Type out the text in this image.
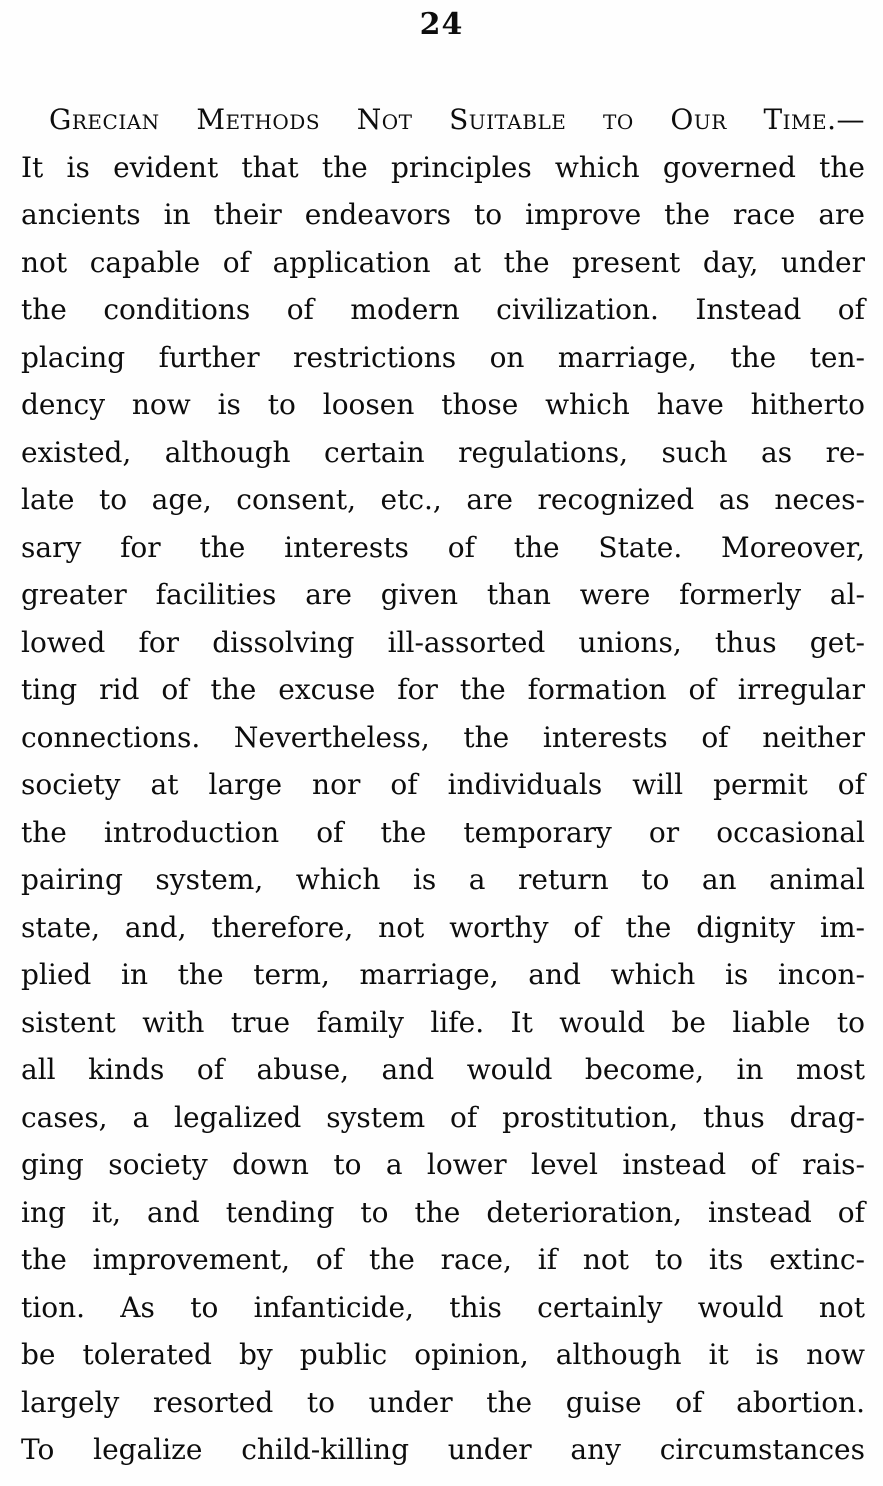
24
Grecian Methods Not Suitable to Our Time.—
It is evident that the principles which governed the
ancients in their endeavors to improve the race are
not capable of application at the present day, under
the conditions of modern civilization. Instead of
placing further restrictions on marriage, the ten-
dency now is to loosen those which have hitherto
existed, although certain regulations, such as re-
late to age, consent, etc., are recognized as neces-
sary for the interests of the State. Moreover,
greater facilities are given than were formerly al-
lowed for dissolving ill-assorted unions, thus get-
ting rid of the excuse for the formation of irregular
connections. Nevertheless, the interests of neither
society at large nor of individuals will permit of
the introduction of the temporary or occasional
pairing system, which is a return to an animal
state, and, therefore, not worthy of the dignity im-
plied in the term, marriage, and which is incon-
sistent with true family life. It would be liable to
all kinds of abuse, and would become, in most
cases, a legalized system of prostitution, thus drag-
ging society down to a lower level instead of rais-
ing it, and tending to the deterioration, instead of
the improvement, of the race, if not to its extinc-
tion. As to infanticide, this certainly would not
be tolerated by public opinion, although it is now
largely resorted to under the guise of abortion.
To legalize child-killing under any circumstances
